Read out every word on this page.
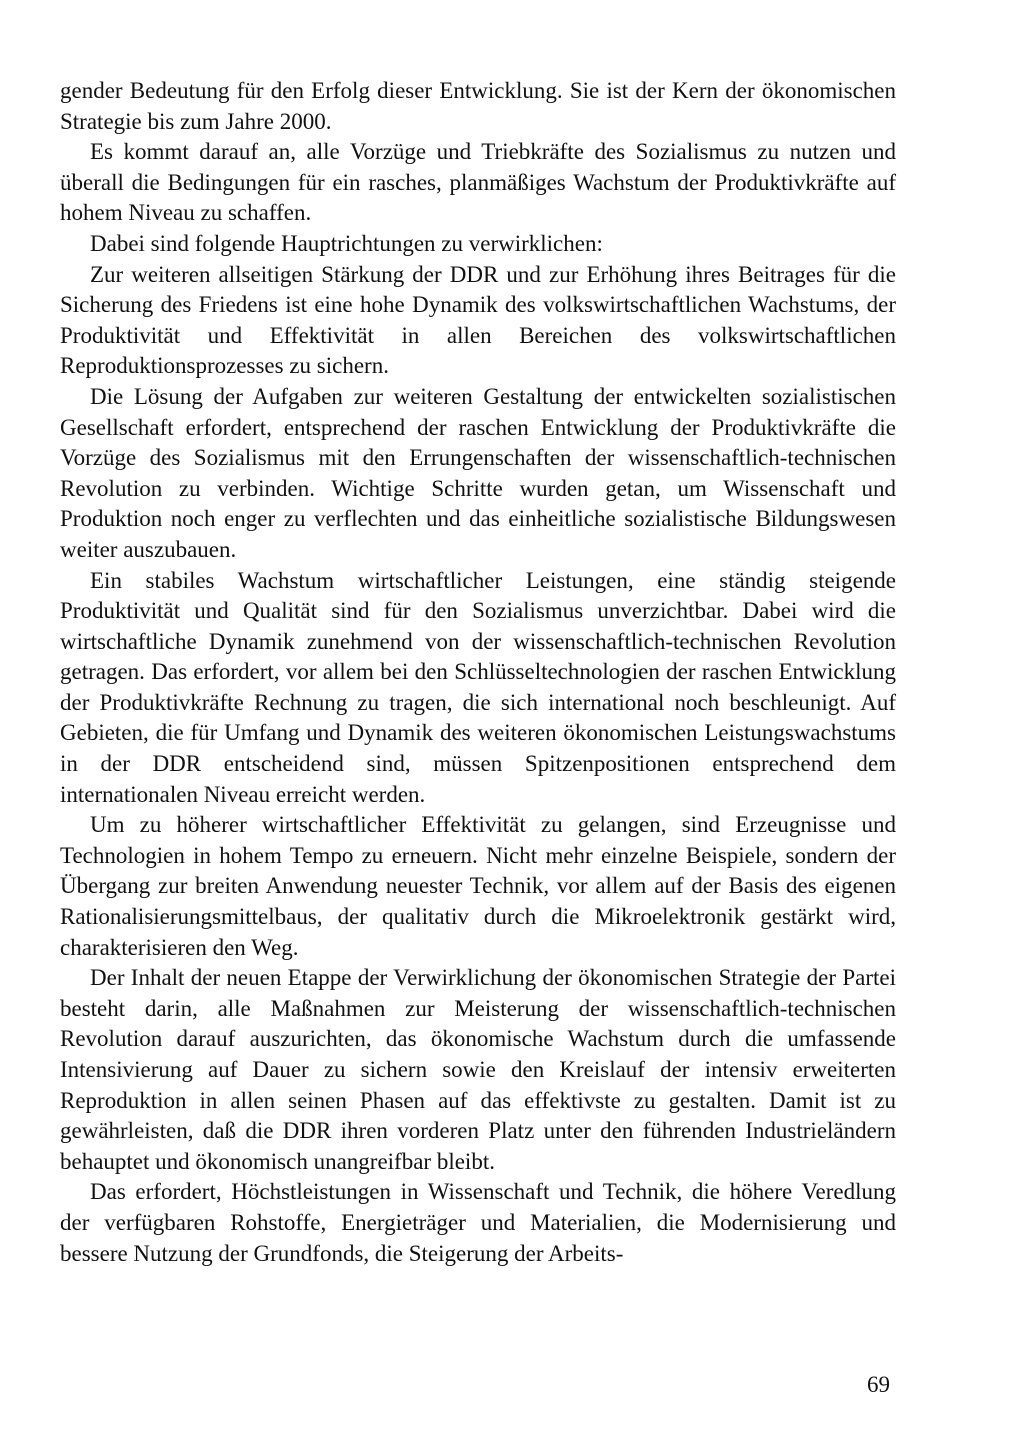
gender Bedeutung für den Erfolg dieser Entwicklung. Sie ist der Kern der ökonomischen Strategie bis zum Jahre 2000.

Es kommt darauf an, alle Vorzüge und Triebkräfte des Sozialismus zu nutzen und überall die Bedingungen für ein rasches, planmäßiges Wachstum der Produktivkräfte auf hohem Niveau zu schaffen.

Dabei sind folgende Hauptrichtungen zu verwirklichen:

Zur weiteren allseitigen Stärkung der DDR und zur Erhöhung ihres Beitrages für die Sicherung des Friedens ist eine hohe Dynamik des volkswirtschaftlichen Wachstums, der Produktivität und Effektivität in allen Bereichen des volkswirtschaftlichen Reproduktionsprozesses zu sichern.

Die Lösung der Aufgaben zur weiteren Gestaltung der entwickelten sozialistischen Gesellschaft erfordert, entsprechend der raschen Entwicklung der Produktivkräfte die Vorzüge des Sozialismus mit den Errungenschaften der wissenschaftlich-technischen Revolution zu verbinden. Wichtige Schritte wurden getan, um Wissenschaft und Produktion noch enger zu verflechten und das einheitliche sozialistische Bildungswesen weiter auszubauen.

Ein stabiles Wachstum wirtschaftlicher Leistungen, eine ständig steigende Produktivität und Qualität sind für den Sozialismus unverzichtbar. Dabei wird die wirtschaftliche Dynamik zunehmend von der wissenschaftlich-technischen Revolution getragen. Das erfordert, vor allem bei den Schlüsseltechnologien der raschen Entwicklung der Produktivkräfte Rechnung zu tragen, die sich international noch beschleunigt. Auf Gebieten, die für Umfang und Dynamik des weiteren ökonomischen Leistungswachstums in der DDR entscheidend sind, müssen Spitzenpositionen entsprechend dem internationalen Niveau erreicht werden.

Um zu höherer wirtschaftlicher Effektivität zu gelangen, sind Erzeugnisse und Technologien in hohem Tempo zu erneuern. Nicht mehr einzelne Beispiele, sondern der Übergang zur breiten Anwendung neuester Technik, vor allem auf der Basis des eigenen Rationalisierungsmittelbaus, der qualitativ durch die Mikroelektronik gestärkt wird, charakterisieren den Weg.

Der Inhalt der neuen Etappe der Verwirklichung der ökonomischen Strategie der Partei besteht darin, alle Maßnahmen zur Meisterung der wissenschaftlich-technischen Revolution darauf auszurichten, das ökonomische Wachstum durch die umfassende Intensivierung auf Dauer zu sichern sowie den Kreislauf der intensiv erweiterten Reproduktion in allen seinen Phasen auf das effektivste zu gestalten. Damit ist zu gewährleisten, daß die DDR ihren vorderen Platz unter den führenden Industrieländern behauptet und ökonomisch unangreifbar bleibt.

Das erfordert, Höchstleistungen in Wissenschaft und Technik, die höhere Veredlung der verfügbaren Rohstoffe, Energieträger und Materialien, die Modernisierung und bessere Nutzung der Grundfonds, die Steigerung der Arbeits-

69
